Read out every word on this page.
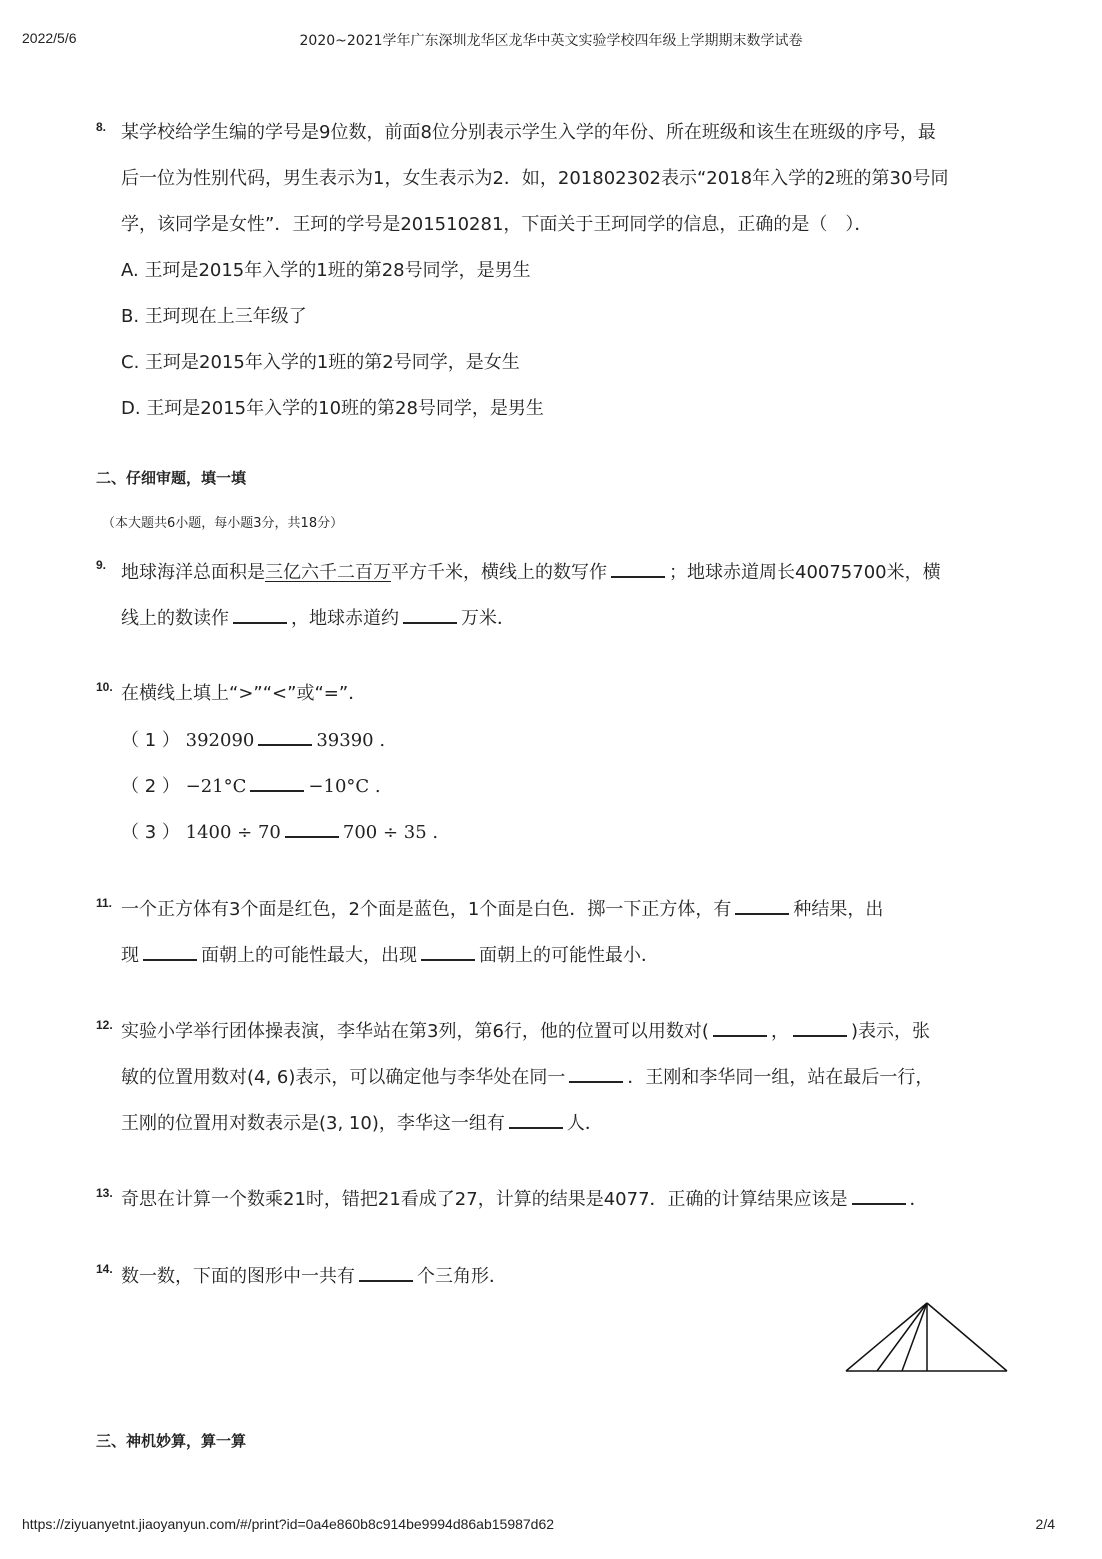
2022/5/6	2020~2021学年广东深圳龙华区龙华中英文实验学校四年级上学期期末数学试卷
8. 某学校给学生编的学号是9位数，前面8位分别表示学生入学的年份、所在班级和该生在班级的序号，最
后一位为性别代码，男生表示为1，女生表示为2．如，201802302表示“2018年入学的2班的第30号同
学，该同学是女性”．王珂的学号是201510281，下面关于王珂同学的信息，正确的是（　）．
A. 王珂是2015年入学的1班的第28号同学，是男生
B. 王珂现在上三年级了
C. 王珂是2015年入学的1班的第2号同学，是女生
D. 王珂是2015年入学的10班的第28号同学，是男生
二、仔细审题，填一填
（本大题共6小题，每小题3分，共18分）
9. 地球海洋总面积是三亿六千二百万平方千米，横线上的数写作	；地球赤道周长40075700米，横
线上的数读作	，地球赤道约	万米．
10. 在横线上填上“>”“<”或“=”．
（ 1 ） 392090	39390 .
（ 2 ） −21°C	−10°C .
（ 3 ） 1400 ÷ 70	700 ÷ 35 .
11. 一个正方体有3个面是红色，2个面是蓝色，1个面是白色．掷一下正方体，有	种结果，出
现	面朝上的可能性最大，出现	面朝上的可能性最小．
12. 实验小学举行团体操表演，李华站在第3列，第6行，他的位置可以用数对(	，	)表示，张
敏的位置用数对(4, 6)表示，可以确定他与李华处在同一	．王刚和李华同一组，站在最后一行，
王刚的位置用对数表示是(3, 10)，李华这一组有	人．
13. 奇思在计算一个数乘21时，错把21看成了27，计算的结果是4077．正确的计算结果应该是	．
14. 数一数，下面的图形中一共有	个三角形．
三、神机妙算，算一算
https://ziyuanyetnt.jiaoyanyun.com/#/print?id=0a4e860b8c914be9994d86ab15987d62	2/4
